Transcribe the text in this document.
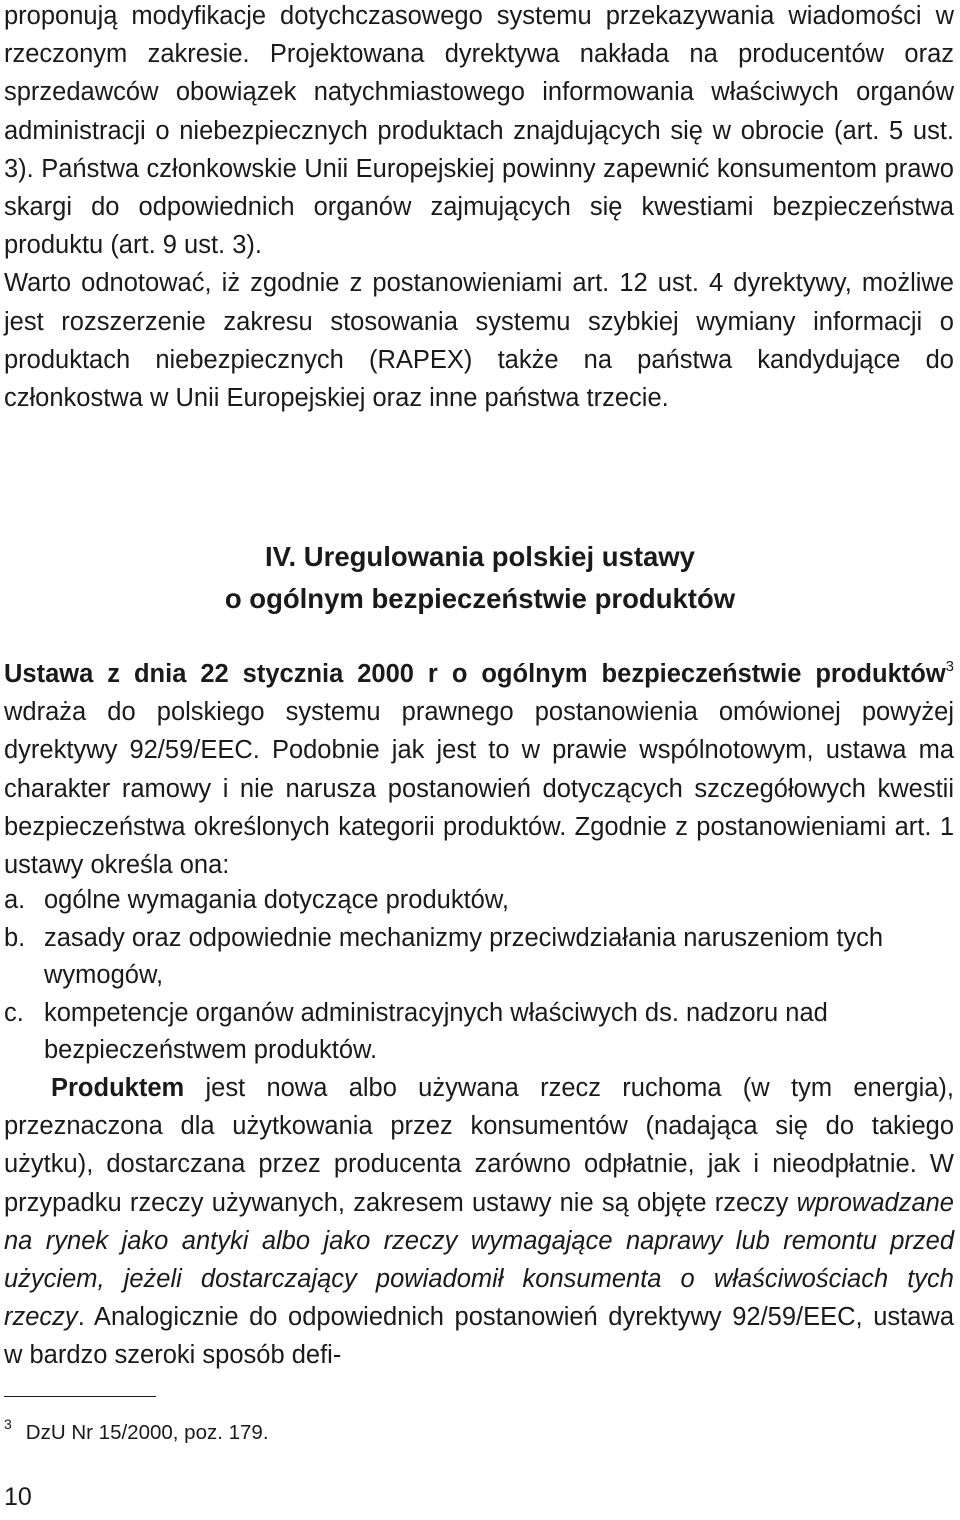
proponują modyfikacje dotychczasowego systemu przekazywania wiadomości w rzeczonym zakresie. Projektowana dyrektywa nakłada na producentów oraz sprzedawców obowiązek natychmiastowego informowania właściwych organów administracji o niebezpiecznych produktach znajdujących się w obrocie (art. 5 ust. 3). Państwa członkowskie Unii Europejskiej powinny zapewnić konsumentom prawo skargi do odpowiednich organów zajmujących się kwestiami bezpieczeństwa produktu (art. 9 ust. 3).
Warto odnotować, iż zgodnie z postanowieniami art. 12 ust. 4 dyrektywy, możliwe jest rozszerzenie zakresu stosowania systemu szybkiej wymiany informacji o produktach niebezpiecznych (RAPEX) także na państwa kandydujące do członkostwa w Unii Europejskiej oraz inne państwa trzecie.

IV. Uregulowania polskiej ustawy
o ogólnym bezpieczeństwie produktów

Ustawa z dnia 22 stycznia 2000 r o ogólnym bezpieczeństwie produktów$^3$ wdraża do polskiego systemu prawnego postanowienia omówionej powyżej dyrektywy 92/59/EEC. Podobnie jak jest to w prawie wspólnotowym, ustawa ma charakter ramowy i nie narusza postanowień dotyczących szczegółowych kwestii bezpieczeństwa określonych kategorii produktów. Zgodnie z postanowieniami art. 1 ustawy określa ona:

a. ogólne wymagania dotyczące produktów,
b. zasady oraz odpowiednie mechanizmy przeciwdziałania naruszeniom tych wymogów,
c. kompetencje organów administracyjnych właściwych ds. nadzoru nad bezpieczeństwem produktów.

Produktem jest nowa albo używana rzecz ruchoma (w tym energia), przeznaczona dla użytkowania przez konsumentów (nadająca się do takiego użytku), dostarczana przez producenta zarówno odpłatnie, jak i nieodpłatnie. W przypadku rzeczy używanych, zakresem ustawy nie są objęte rzeczy wprowadzane na rynek jako antyki albo jako rzeczy wymagające naprawy lub remontu przed użyciem, jeżeli dostarczający powiadomił konsumenta o właściwościach tych rzeczy. Analogicznie do odpowiednich postanowień dyrektywy 92/59/EEC, ustawa w bardzo szeroki sposób defi-

$^3$ DzU Nr 15/2000, poz. 179.
10
